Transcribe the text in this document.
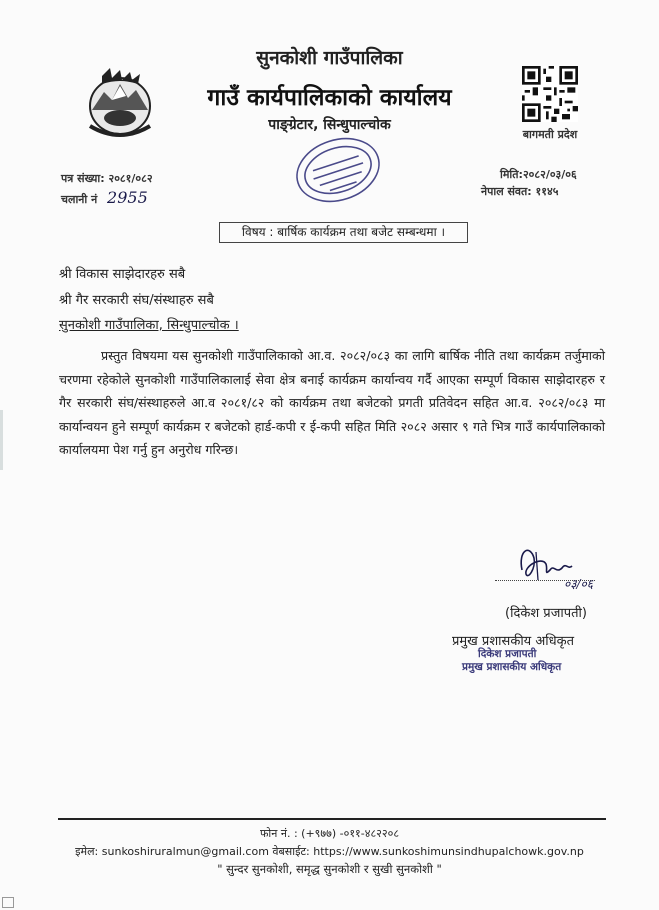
सुनकोशी गाउँपालिका
गाउँ कार्यपालिकाको कार्यालय
पाङ्ग्रेटार, सिन्धुपाल्चोक
बागमती प्रदेश
पत्र संख्या: २०८१/०८२
चलानी नं 2955
मिति:२०८२/०३/०६
नेपाल संवत: ११४५
विषय : बार्षिक कार्यक्रम तथा बजेट सम्बन्धमा ।
श्री विकास साझेदारहरु सबै
श्री गैर सरकारी संघ/संस्थाहरु सबै
सुनकोशी गाउँपालिका, सिन्धुपाल्चोक ।
प्रस्तुत विषयमा यस सुनकोशी गाउँपालिकाको आ.व. २०८२/०८३ का लागि बार्षिक नीति तथा कार्यक्रम तर्जुमाको चरणमा रहेकोले सुनकोशी गाउँपालिकालाई सेवा क्षेत्र बनाई कार्यक्रम कार्यान्वय गर्दै आएका सम्पूर्ण विकास साझेदारहरु र गैर सरकारी संघ/संस्थाहरुले आ.व २०८१/८२ को कार्यक्रम तथा बजेटको प्रगती प्रतिवेदन सहित आ.व. २०८२/०८३ मा कार्यान्वयन हुने सम्पूर्ण कार्यक्रम र बजेटको हार्ड-कपी र ई-कपी सहित मिति २०८२ असार ९ गते भित्र गाउँ कार्यपालिकाको कार्यालयमा पेश गर्नु हुन अनुरोध गरिन्छ।
०३/०६
(दिकेश प्रजापती)
प्रमुख प्रशासकीय अधिकृत
दिकेश प्रजापती
प्रमुख प्रशासकीय अधिकृत
फोन नं. : (+९७७) -०११-४८२२०८
इमेल: sunkoshiruralmun@gmail.com वेबसाईट: https://www.sunkoshimunsindhupalchowk.gov.np
" सुन्दर सुनकोशी, समृद्ध सुनकोशी र सुखी सुनकोशी "
